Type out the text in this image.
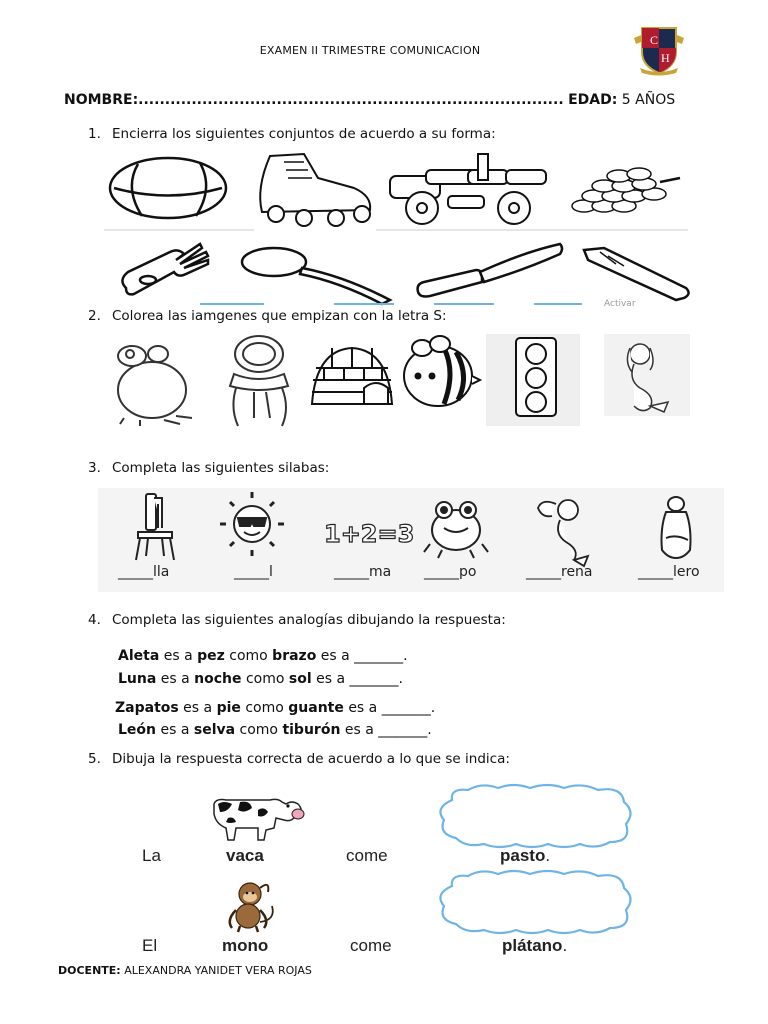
EXAMEN II TRIMESTRE COMUNICACION
C
H
NOMBRE:................................................................................ EDAD: 5 AÑOS
1. Encierra los siguientes conjuntos de acuerdo a su forma:
Activar
2. Colorea las iamgenes que empizan con la letra S:
3. Completa las siguientes silabas:
1+2=3
_____lla	_____l	_____ma _____po	_____rena	_____lero
4. Completa las siguientes analogías dibujando la respuesta:
Aleta es a pez como brazo es a _______.
Luna es a noche como sol es a _______.
Zapatos es a pie como guante es a _______.
León es a selva como tiburón es a _______.
5. Dibuja la respuesta correcta de acuerdo a lo que se indica:
La	vaca	come	pasto.
El	mono	come	plátano.
DOCENTE: ALEXANDRA YANIDET VERA ROJAS
